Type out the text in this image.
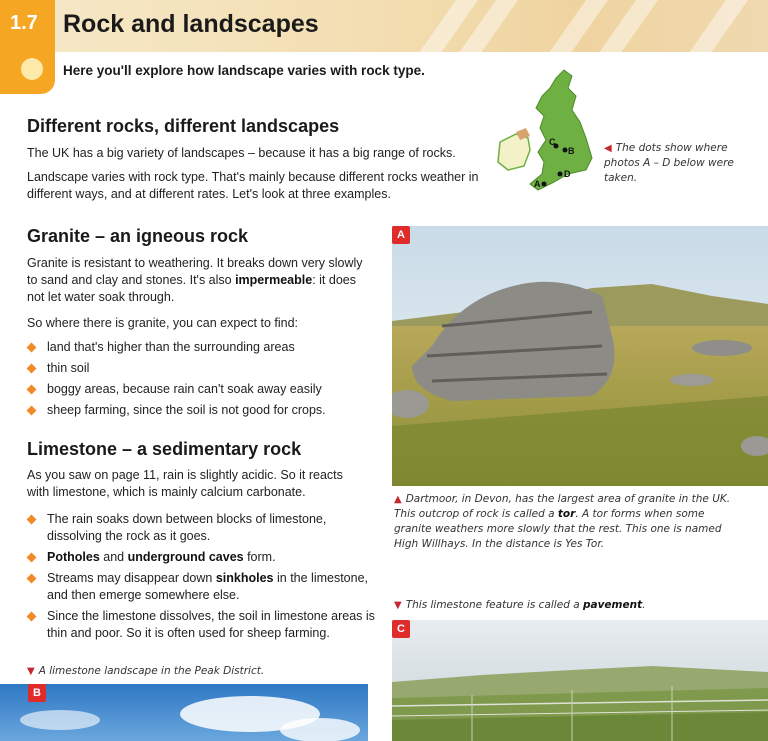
1.7 Rock and landscapes
Here you'll explore how landscape varies with rock type.
Different rocks, different landscapes
The UK has a big variety of landscapes – because it has a big range of rocks.
Landscape varies with rock type. That's mainly because different rocks weather in different ways, and at different rates. Let's look at three examples.
B
C
D
A
◀ The dots show where photos A – D below were taken.
Granite – an igneous rock
Granite is resistant to weathering. It breaks down very slowly to sand and clay and stones. It's also impermeable: it does not let water soak through.
So where there is granite, you can expect to find:
land that's higher than the surrounding areas
thin soil
boggy areas, because rain can't soak away easily
sheep farming, since the soil is not good for crops.
Limestone – a sedimentary rock
As you saw on page 11, rain is slightly acidic. So it reacts with limestone, which is mainly calcium carbonate.
The rain soaks down between blocks of limestone, dissolving the rock as it goes.
Potholes and underground caves form.
Streams may disappear down sinkholes in the limestone, and then emerge somewhere else.
Since the limestone dissolves, the soil in limestone areas is thin and poor. So it is often used for sheep farming.
▼ A limestone landscape in the Peak District.
B
A
▲ Dartmoor, in Devon, has the largest area of granite in the UK. This outcrop of rock is called a tor. A tor forms when some granite weathers more slowly that the rest. This one is named High Willhays. In the distance is Yes Tor.
▼ This limestone feature is called a pavement.
C
